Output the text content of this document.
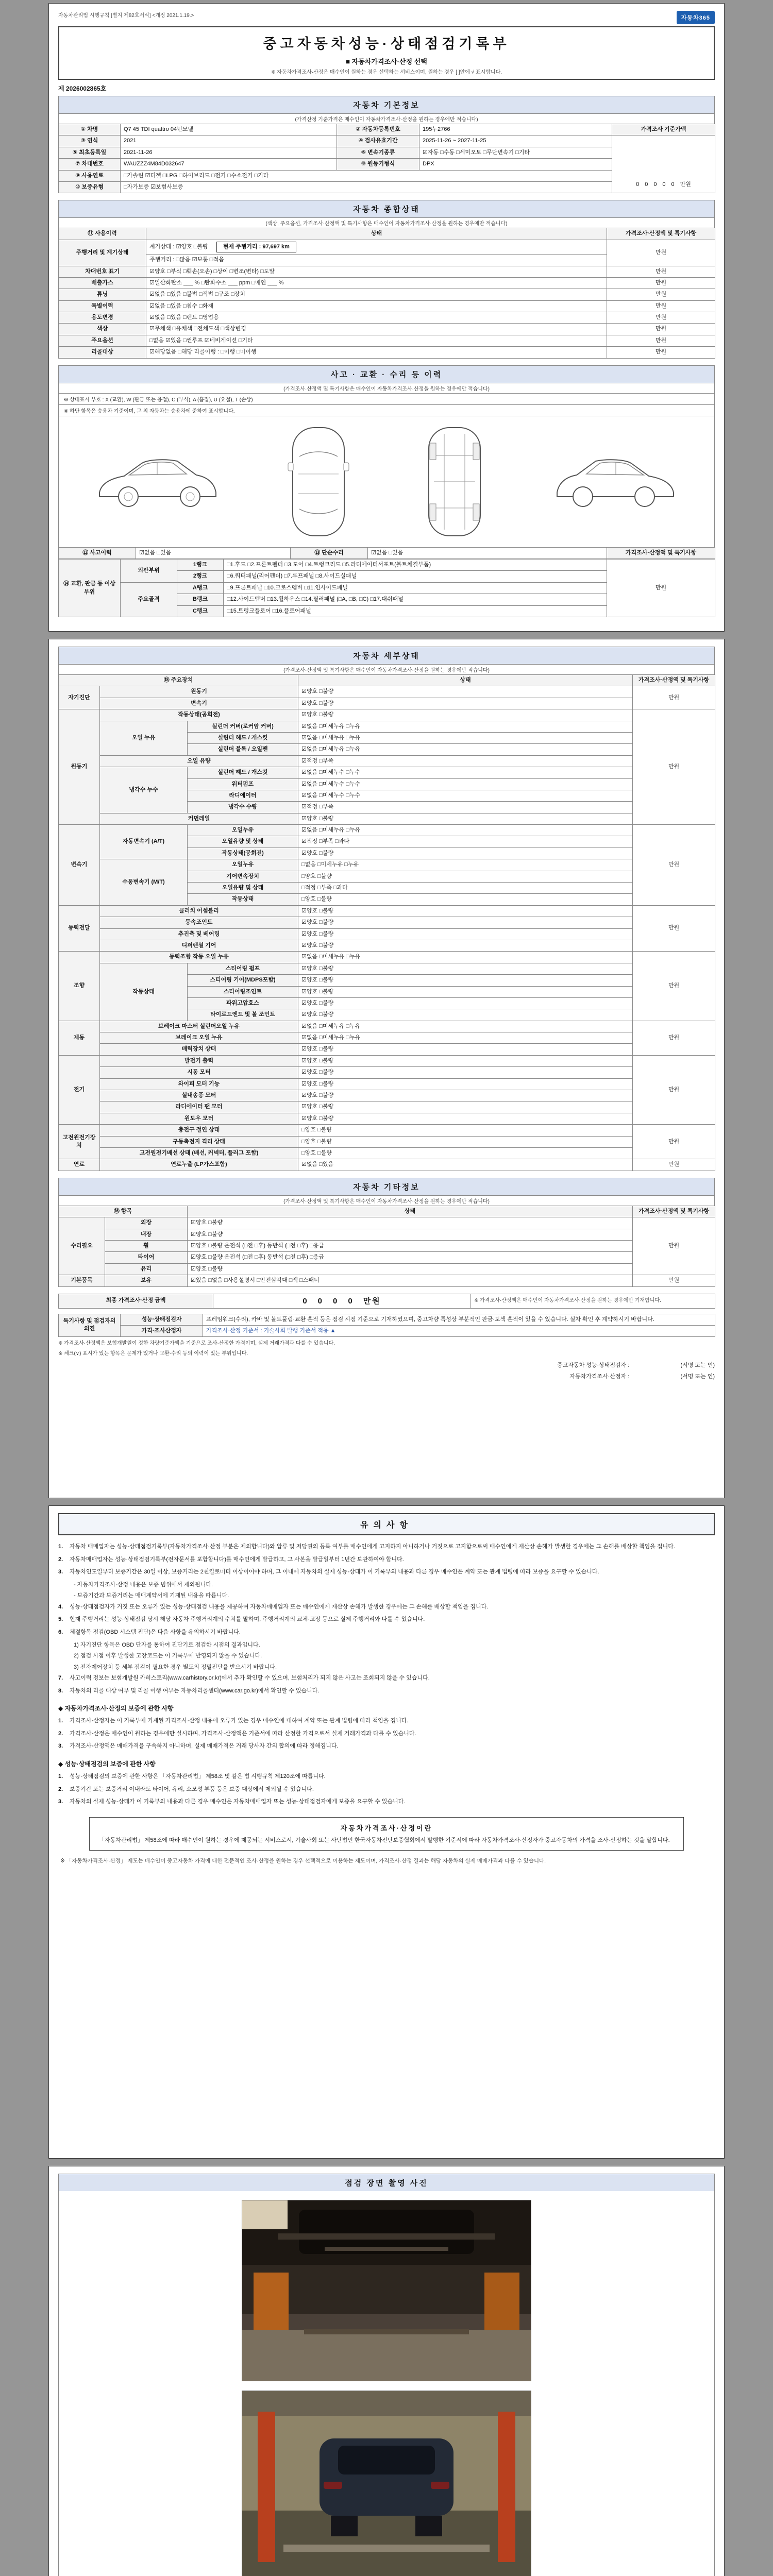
자동차관리법 시행규칙 [별지 제82호서식] <개정 2021.1.19.>	자동차365
중고자동차성능·상태점검기록부
■ 자동차가격조사·산정 선택
※ 자동차가격조사·산정은 매수인이 원하는 경우 선택하는 서비스이며, 원하는 경우 [ ]안에 √ 표시합니다.
제 2026002865호
자동차 기본정보
(가격산정 기준가격은 매수인이 자동차가격조사·산정을 원하는 경우에만 적습니다)
① 차명	Q7 45 TDI quattro 04년모델	② 자동차등록번호	195누2766	가격조사 기준가액
③ 연식	2021	④ 검사유효기간	2025-11-26 ~ 2027-11-25	0　0　0　0　0　만원
⑤ 최초등록일	2021-11-26	⑥ 변속기종류	☑자동 □수동 □세미오토 □무단변속기 □기타	
⑦ 차대번호	WAUZZZ4M84D032647	⑧ 원동기형식	DPX	
⑨ 사용연료	□가솔린 ☑디젤 □LPG □하이브리드 □전기 □수소전기 □기타			
⑩ 보증유형	□자가보증 ☑보험사보증			
자동차 종합상태
(색상, 주요옵션, 가격조사·산정액 및 특기사항은 매수인이 자동차가격조사·산정을 원하는 경우에만 적습니다)
⑪ 사용이력	상태	가격조사·산정액 및 특기사항
주행거리 및 계기상태	계기상태 : ☑양호 □불량 현재 주행거리 : 97,697 km	만원
	주행거리 : □많음 ☑보통 □적음	
차대번호 표기	☑양호 □부식 □훼손(오손) □상이 □변조(변타) □도말	만원
배출가스	☑일산화탄소 ___ % □탄화수소 ___ ppm □매연 ___ %	만원
튜닝	☑없음 □있음 □불법 □적법 □구조 □장치	만원
특별이력	☑없음 □있음 □침수 □화재	만원
용도변경	☑없음 □있음 □렌트 □영업용	만원
색상	☑무채색 □유채색 □전체도색 □색상변경	만원
주요옵션	□없음 ☑있음 □썬루프 ☑네비게이션 □기타	만원
리콜대상	☑해당없음 □해당 리콜이행 : □이행 □미이행	만원
사고 · 교환 · 수리 등 이력
(가격조사·산정액 및 특기사항은 매수인이 자동차가격조사·산정을 원하는 경우에만 적습니다)
※ 상태표시 부호 : X (교환), W (판금 또는 용접), C (부식), A (흠집), U (요철), T (손상)
※ 하단 항목은 승용차 기준이며, 그 외 자동차는 승용차에 준하여 표시합니다.
⑫ 사고이력	☑없음 □있음	⑬ 단순수리	☑없음 □있음	가격조사·산정액 및 특기사항
⑭ 교환, 판금 등 이상 부위	외판부위	1랭크	□1.후드 □2.프론트펜더 □3.도어 □4.트렁크리드 □5.라디에이터서포트(볼트체결부품)	만원
		2랭크	□6.쿼터패널(리어펜더) □7.루프패널 □8.사이드실패널	
	주요골격	A랭크	□9.프론트패널 □10.크로스멤버 □11.인사이드패널	
		B랭크	□12.사이드멤버 □13.휠하우스 □14.필러패널 (□A, □B, □C) □17.대쉬패널	
		C랭크	□15.트렁크플로어 □16.플로어패널	
자동차 세부상태
(가격조사·산정액 및 특기사항은 매수인이 자동차가격조사·산정을 원하는 경우에만 적습니다)
⑮ 주요장치			상태	가격조사·산정액 및 특기사항
자기진단	원동기		☑양호 □불량	만원
	변속기		☑양호 □불량	
원동기	작동상태(공회전)		☑양호 □불량	만원
	오일 누유	실린더 커버(로커암 커버)	☑없음 □미세누유 □누유	
		실린더 헤드 / 개스킷	☑없음 □미세누유 □누유	
		실린더 블록 / 오일팬	☑없음 □미세누유 □누유	
	오일 유량		☑적정 □부족	
	냉각수 누수	실린더 헤드 / 개스킷	☑없음 □미세누수 □누수	
		워터펌프	☑없음 □미세누수 □누수	
		라디에이터	☑없음 □미세누수 □누수	
		냉각수 수량	☑적정 □부족	
	커먼레일		☑양호 □불량	
변속기	자동변속기 (A/T)	오일누유	☑없음 □미세누유 □누유	만원
		오일유량 및 상태	☑적정 □부족 □과다	
		작동상태(공회전)	☑양호 □불량	
	수동변속기 (M/T)	오일누유	□없음 □미세누유 □누유	
		기어변속장치	□양호 □불량	
		오일유량 및 상태	□적정 □부족 □과다	
		작동상태	□양호 □불량	
동력전달	클러치 어셈블리		☑양호 □불량	만원
	등속조인트		☑양호 □불량	
	추진축 및 베어링		☑양호 □불량	
	디퍼렌셜 기어		☑양호 □불량	
조향	동력조향 작동 오일 누유		☑없음 □미세누유 □누유	만원
	작동상태	스티어링 펌프	☑양호 □불량	
		스티어링 기어(MDPS포함)	☑양호 □불량	
		스티어링조인트	☑양호 □불량	
		파워고압호스	☑양호 □불량	
		타이로드엔드 및 볼 조인트	☑양호 □불량	
제동	브레이크 마스터 실린더오일 누유		☑없음 □미세누유 □누유	만원
	브레이크 오일 누유		☑없음 □미세누유 □누유	
	배력장치 상태		☑양호 □불량	
전기	발전기 출력		☑양호 □불량	만원
	시동 모터		☑양호 □불량	
	와이퍼 모터 기능		☑양호 □불량	
	실내송풍 모터		☑양호 □불량	
	라디에이터 팬 모터		☑양호 □불량	
	윈도우 모터		☑양호 □불량	
고전원전기장치	충전구 절연 상태		□양호 □불량	만원
	구동축전지 격리 상태		□양호 □불량	
	고전원전기배선 상태 (배선, 커넥터, 플러그 포함)		□양호 □불량	
연료	연료누출 (LP가스포함)		☑없음 □있음	만원
자동차 기타정보
(가격조사·산정액 및 특기사항은 매수인이 자동차가격조사·산정을 원하는 경우에만 적습니다)
⑯ 항목		상태	가격조사·산정액 및 특기사항
수리필요	외장	☑양호 □불량	만원
	내장	☑양호 □불량	
	휠	☑양호 □불량 운전석 (□전 □후) 동반석 (□전 □후) □응급	
	타이어	☑양호 □불량 운전석 (□전 □후) 동반석 (□전 □후) □응급	
	유리	☑양호 □불량	
기본품목	보유	☑있음 □없음 □사용설명서 □안전삼각대 □잭 □스패너	만원
최종 가격조사·산정 금액	0　0　0　0　만원	※ 가격조사·산정액은 매수인이 자동차가격조사·산정을 원하는 경우에만 기재합니다.
특기사항 및 점검자의 의견	성능·상태점검자	프레임워크(수리), 카바 및 볼트풀림·교환 흔적 등은 점검 시점 기준으로 기재하였으며, 중고차량 특성상 부분적인 판금·도색 흔적이 있을 수 있습니다. 실차 확인 후 계약하시기 바랍니다.
	가격·조사산정자	가격조사·산정 기준서 : 기술사회 발행 기준서 적용 ▲
※ 가격조사·산정액은 보험개발원이 정한 차량기준가액을 기준으로 조사·산정한 가격이며, 실제 거래가격과 다를 수 있습니다.
※ 체크(∨) 표시가 있는 항목은 문제가 있거나 교환·수리 등의 이력이 있는 부위입니다.
중고자동차 성능·상태점검자 :　　　　　　　　　(서명 또는 인)
자동차가격조사·산정자 :　　　　　　　　　(서명 또는 인)
유의사항
1.	자동차 매매업자는 성능·상태점검기록부(자동차가격조사·산정 부분은 제외합니다)와 압류 및 저당권의 등록 여부를 매수인에게 고지하지 아니하거나 거짓으로 고지함으로써 매수인에게 재산상 손해가 발생한 경우에는 그 손해를 배상할 책임을 집니다.
2.	자동차매매업자는 성능·상태점검기록부(전자문서를 포함합니다)를 매수인에게 발급하고, 그 사본을 발급일부터 1년간 보관하여야 합니다.
3.	자동차인도일부터 보증기간은 30일 이상, 보증거리는 2천킬로미터 이상이어야 하며, 그 이내에 자동차의 실제 성능·상태가 이 기록부의 내용과 다른 경우 매수인은 계약 또는 관계 법령에 따라 보증을 요구할 수 있습니다.
- 자동차가격조사·산정 내용은 보증 범위에서 제외됩니다.
- 보증기간과 보증거리는 매매계약서에 기재된 내용을 따릅니다.
4.	성능·상태점검자가 거짓 또는 오류가 있는 성능·상태점검 내용을 제공하여 자동차매매업자 또는 매수인에게 재산상 손해가 발생한 경우에는 그 손해를 배상할 책임을 집니다.
5.	현재 주행거리는 성능·상태점검 당시 해당 자동차 주행거리계의 수치를 말하며, 주행거리계의 교체·고장 등으로 실제 주행거리와 다를 수 있습니다.
6.	체결항목 점검(OBD 시스템 진단)은 다음 사항을 유의하시기 바랍니다.
1) 자기진단 항목은 OBD 단자를 통하여 진단기로 점검한 시점의 결과입니다.
2) 점검 시점 이후 발생한 고장코드는 이 기록부에 반영되지 않을 수 있습니다.
3) 전자제어장치 등 세부 점검이 필요한 경우 별도의 정밀진단을 받으시기 바랍니다.
7.	사고이력 정보는 보험개발원 카히스토리(www.carhistory.or.kr)에서 추가 확인할 수 있으며, 보험처리가 되지 않은 사고는 조회되지 않을 수 있습니다.
8.	자동차의 리콜 대상 여부 및 리콜 이행 여부는 자동차리콜센터(www.car.go.kr)에서 확인할 수 있습니다.
◆ 자동차가격조사·산정의 보증에 관한 사항
1.	가격조사·산정자는 이 기록부에 기재된 가격조사·산정 내용에 오류가 있는 경우 매수인에 대하여 계약 또는 관계 법령에 따라 책임을 집니다.
2.	가격조사·산정은 매수인이 원하는 경우에만 실시하며, 가격조사·산정액은 기준서에 따라 산정한 가격으로서 실제 거래가격과 다를 수 있습니다.
3.	가격조사·산정액은 매매가격을 구속하지 아니하며, 실제 매매가격은 거래 당사자 간의 합의에 따라 정해집니다.
◆ 성능·상태점검의 보증에 관한 사항
1.	성능·상태점검의 보증에 관한 사항은 「자동차관리법」 제58조 및 같은 법 시행규칙 제120조에 따릅니다.
2.	보증기간 또는 보증거리 이내라도 타이어, 유리, 소모성 부품 등은 보증 대상에서 제외될 수 있습니다.
3.	자동차의 실제 성능·상태가 이 기록부의 내용과 다른 경우 매수인은 자동차매매업자 또는 성능·상태점검자에게 보증을 요구할 수 있습니다.
자동차가격조사·산정이란
「자동차관리법」 제58조에 따라 매수인이 원하는 경우에 제공되는 서비스로서, 기술사회 또는 사단법인 한국자동차진단보증협회에서 발행한 기준서에 따라 자동차가격조사·산정자가 중고자동차의 가격을 조사·산정하는 것을 말합니다.
※ 「자동차가격조사·산정」 제도는 매수인이 중고자동차 가격에 대한 전문적인 조사·산정을 원하는 경우 선택적으로 이용하는 제도이며, 가격조사·산정 결과는 해당 자동차의 실제 매매가격과 다를 수 있습니다.
점검 장면 촬영 사진
